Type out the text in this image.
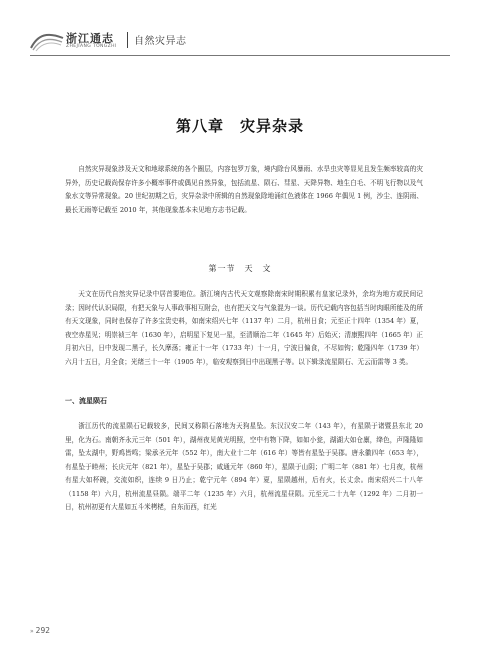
浙江通志
ZHEJIANG TONGZHI 自然灾异志
第八章　灾异杂录

自然灾异现象涉及天文和地球系统的各个圈层，内容包罗万象，境内除台风暴雨、水旱虫灾等显见且发生频率较高的灾异外，历史记载尚保存许多小概率事件或偶见自然异象，包括流星、陨石、彗星、天降异物、地生白毛、不明飞行物以及气象水文等异常现象。20 世纪初期之后，灾异杂录中所辑的自然现象除地涌红色液体在 1966 年偶见 1 例，沙尘、连阴雨、最长无雨等记载至 2010 年，其他现象基本未见地方志书记载。

第一节　天　文

天文在历代自然灾异记录中居首要地位。浙江境内古代天文观察除南宋时期积累有皇家记录外，余均为地方或民间记录；因时代认识局限，有把天象与人事政事相互附会，也有把天文与气象混为一谈。历代记载内容包括当时肉眼所能及的所有天文现象，同时也保存了许多宝贵史料，如南宋绍兴七年（1137 年）二月，杭州日食；元至正十四年（1354 年）夏，夜空赤星见；明崇祯三年（1630 年），启明星下复见一星，至清顺治二年（1645 年）后始灭；清康熙四年（1665 年）正月初六日，日中发现二黑子，长久摩荡；雍正十一年（1733 年）十一月，宁波日偏食，不尽如钩；乾隆四年（1739 年）六月十五日，月全食；光绪三十一年（1905 年），临安观察到日中出现黑子等。以下辑录流星陨石、无云而雷等 3 类。

一、流星陨石

浙江历代的流星陨石记载较多，民间又称陨石落地为天狗星坠。东汉汉安二年（143 年），有星陨于诸暨县东北 20 里，化为石。南朝齐永元三年（501 年），湖州夜见黄光明照，空中有物下降，如如小瓮，湖湖大如仓廪，绛色，声隆隆如雷，坠太湖中，野鸡皆鸣；梁承圣元年（552 年），南大业十二年（616 年）等皆有星坠于吴郡。唐永徽四年（653 年），有星坠于睦州；长庆元年（821 年），星坠于吴郡；咸通元年（860 年），星陨于山阴；广明二年（881 年）七月夜，杭州有星大如杯碗，交流如织，连续 9 日乃止；乾宁元年（894 年）夏，星陨越州，后有火，长丈余。南宋绍兴二十八年（1158 年）六月，杭州流星昼陨。端平二年（1235 年）六月，杭州流星昼陨。元至元二十九年（1292 年）二月初一日，杭州初更有大星如五斗米栲栳，自东而西，红光

» 292
